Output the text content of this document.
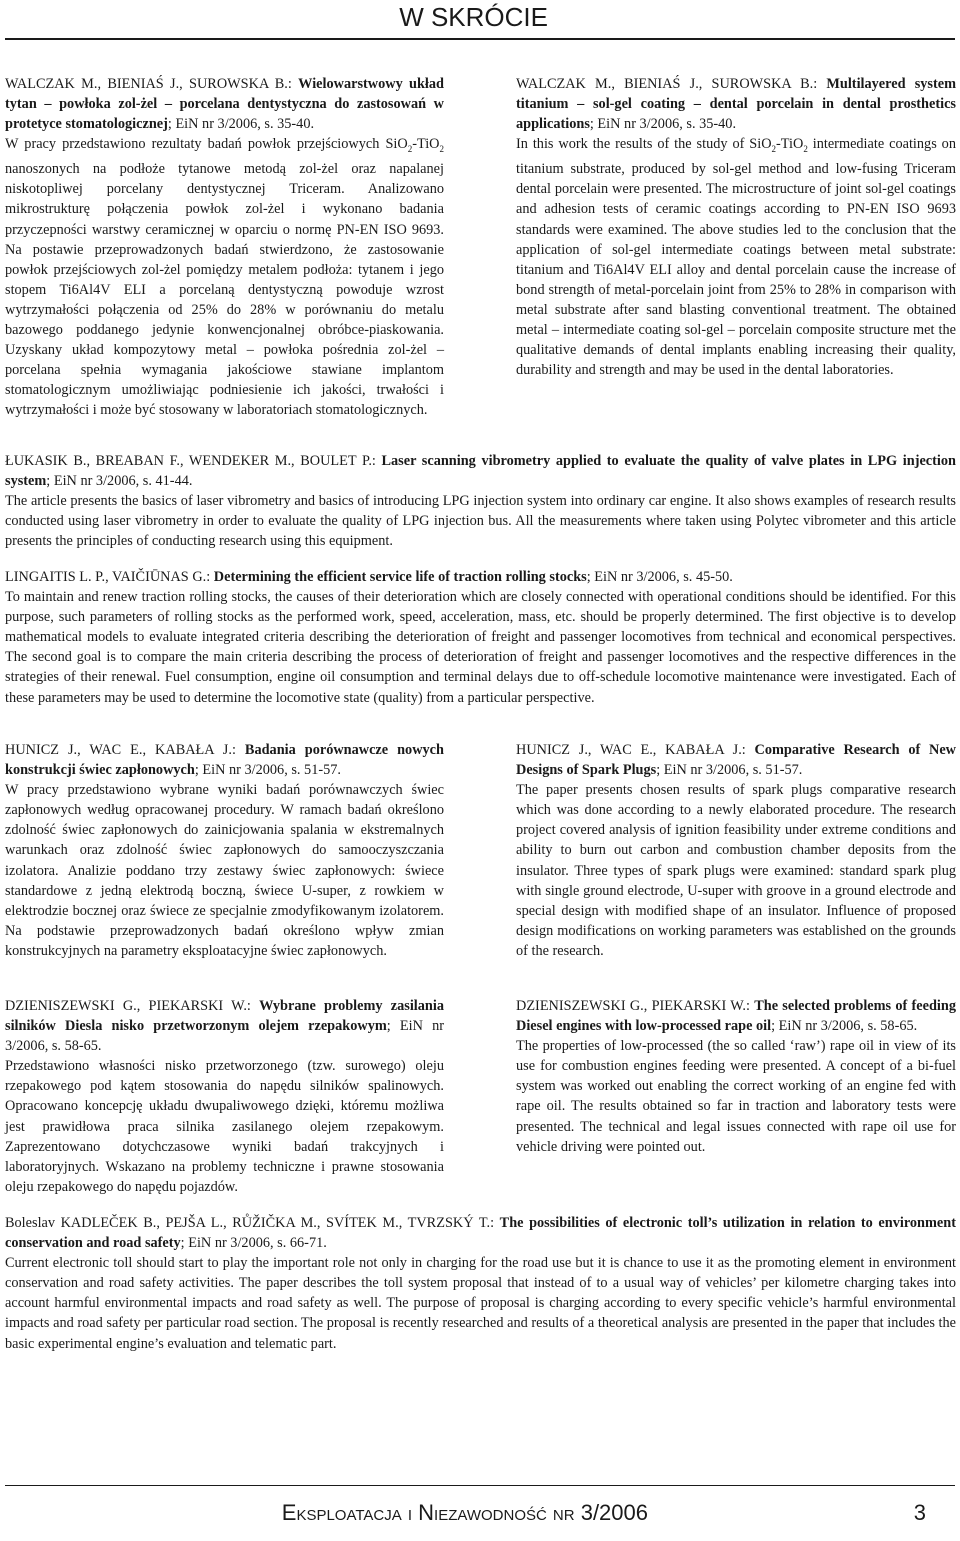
W SKRÓCIE
WALCZAK M., BIENIAŚ J., SUROWSKA B.: Wielowarstwowy układ tytan – powłoka zol-żel – porcelana dentystyczna do zastosowań w protetyce stomatologicznej; EiN nr 3/2006, s. 35-40.
W pracy przedstawiono rezultaty badań powłok przejściowych SiO$_2$-TiO$_2$ nanoszonych na podłoże tytanowe metodą zol-żel oraz napalanej niskotopliwej porcelany dentystycznej Triceram. Analizowano mikrostrukturę połączenia powłok zol-żel i wykonano badania przyczepności warstwy ceramicznej w oparciu o normę PN-EN ISO 9693. Na postawie przeprowadzonych badań stwierdzono, że zastosowanie powłok przejściowych zol-żel pomiędzy metalem podłoża: tytanem i jego stopem Ti6Al4V ELI a porcelaną dentystyczną powoduje wzrost wytrzymałości połączenia od 25% do 28% w porównaniu do metalu bazowego poddanego jedynie konwencjonalnej obróbce-piaskowania. Uzyskany układ kompozytowy metal – powłoka pośrednia zol-żel – porcelana spełnia wymagania jakościowe stawiane implantom stomatologicznym umożliwiając podniesienie ich jakości, trwałości i wytrzymałości i może być stosowany w laboratoriach stomatologicznych.
WALCZAK M., BIENIAŚ J., SUROWSKA B.: Multilayered system titanium – sol-gel coating – dental porcelain in dental prosthetics applications; EiN nr 3/2006, s. 35-40.
In this work the results of the study of SiO$_2$-TiO$_2$ intermediate coatings on titanium substrate, produced by sol-gel method and low-fusing Triceram dental porcelain were presented. The microstructure of joint sol-gel coatings and adhesion tests of ceramic coatings according to PN-EN ISO 9693 standards were examined. The above studies led to the conclusion that the application of sol-gel intermediate coatings between metal substrate: titanium and Ti6Al4V ELI alloy and dental porcelain cause the increase of bond strength of metal-porcelain joint from 25% to 28% in comparison with metal substrate after sand blasting conventional treatment. The obtained metal – intermediate coating sol-gel – porcelain composite structure met the qualitative demands of dental implants enabling increasing their quality, durability and strength and may be used in the dental laboratories.
ŁUKASIK B., BREABAN F., WENDEKER M., BOULET P.: Laser scanning vibrometry applied to evaluate the quality of valve plates in LPG injection system; EiN nr 3/2006, s. 41-44.
The article presents the basics of laser vibrometry and basics of introducing LPG injection system into ordinary car engine. It also shows examples of research results conducted using laser vibrometry in order to evaluate the quality of LPG injection bus. All the measurements where taken using Polytec vibrometer and this article presents the principles of conducting research using this equipment.
LINGAITIS L. P., VAIČIŪNAS G.: Determining the efficient service life of traction rolling stocks; EiN nr 3/2006, s. 45-50.
To maintain and renew traction rolling stocks, the causes of their deterioration which are closely connected with operational conditions should be identified. For this purpose, such parameters of rolling stocks as the performed work, speed, acceleration, mass, etc. should be properly determined. The first objective is to develop mathematical models to evaluate integrated criteria describing the deterioration of freight and passenger locomotives from technical and economical perspectives. The second goal is to compare the main criteria describing the process of deterioration of freight and passenger locomotives and the respective differences in the strategies of their renewal. Fuel consumption, engine oil consumption and terminal delays due to off-schedule locomotive maintenance were investigated. Each of these parameters may be used to determine the locomotive state (quality) from a particular perspective.
HUNICZ J., WAC E., KABAŁA J.: Badania porównawcze nowych konstrukcji świec zapłonowych; EiN nr 3/2006, s. 51-57.
W pracy przedstawiono wybrane wyniki badań porównawczych świec zapłonowych według opracowanej procedury. W ramach badań określono zdolność świec zapłonowych do zainicjowania spalania w ekstremalnych warunkach oraz zdolność świec zapłonowych do samooczyszczania izolatora. Analizie poddano trzy zestawy świec zapłonowych: świece standardowe z jedną elektrodą boczną, świece U-super, z rowkiem w elektrodzie bocznej oraz świece ze specjalnie zmodyfikowanym izolatorem. Na podstawie przeprowadzonych badań określono wpływ zmian konstrukcyjnych na parametry eksploatacyjne świec zapłonowych.
HUNICZ J., WAC E., KABAŁA J.: Comparative Research of New Designs of Spark Plugs; EiN nr 3/2006, s. 51-57.
The paper presents chosen results of spark plugs comparative research which was done according to a newly elaborated procedure. The research project covered analysis of ignition feasibility under extreme conditions and ability to burn out carbon and combustion chamber deposits from the insulator. Three types of spark plugs were examined: standard spark plug with single ground electrode, U-super with groove in a ground electrode and special design with modified shape of an insulator. Influence of proposed design modifications on working parameters was established on the grounds of the research.
DZIENISZEWSKI G., PIEKARSKI W.: Wybrane problemy zasilania silników Diesla nisko przetworzonym olejem rzepakowym; EiN nr 3/2006, s. 58-65.
Przedstawiono własności nisko przetworzonego (tzw. surowego) oleju rzepakowego pod kątem stosowania do napędu silników spalinowych. Opracowano koncepcję układu dwupaliwowego dzięki, któremu możliwa jest prawidłowa praca silnika zasilanego olejem rzepakowym. Zaprezentowano dotychczasowe wyniki badań trakcyjnych i laboratoryjnych. Wskazano na problemy techniczne i prawne stosowania oleju rzepakowego do napędu pojazdów.
DZIENISZEWSKI G., PIEKARSKI W.: The selected problems of feeding Diesel engines with low-processed rape oil; EiN nr 3/2006, s. 58-65.
The properties of low-processed (the so called ‘raw’) rape oil in view of its use for combustion engines feeding were presented. A concept of a bi-fuel system was worked out enabling the correct working of an engine fed with rape oil. The results obtained so far in traction and laboratory tests were presented. The technical and legal issues connected with rape oil use for vehicle driving were pointed out.
Boleslav KADLEČEK B., PEJŠA L., RŮŽIČKA M., SVÍTEK M., TVRZSKÝ T.: The possibilities of electronic toll’s utilization in relation to environment conservation and road safety; EiN nr 3/2006, s. 66-71.
Current electronic toll should start to play the important role not only in charging for the road use but it is chance to use it as the promoting element in environment conservation and road safety activities. The paper describes the toll system proposal that instead of to a usual way of vehicles’ per kilometre charging takes into account harmful environmental impacts and road safety as well. The purpose of proposal is charging according to every specific vehicle’s harmful environmental impacts and road safety per particular road section. The proposal is recently researched and results of a theoretical analysis are presented in the paper that includes the basic experimental engine’s evaluation and telematic part.
Eksploatacja i Niezawodność nr 3/2006	3
